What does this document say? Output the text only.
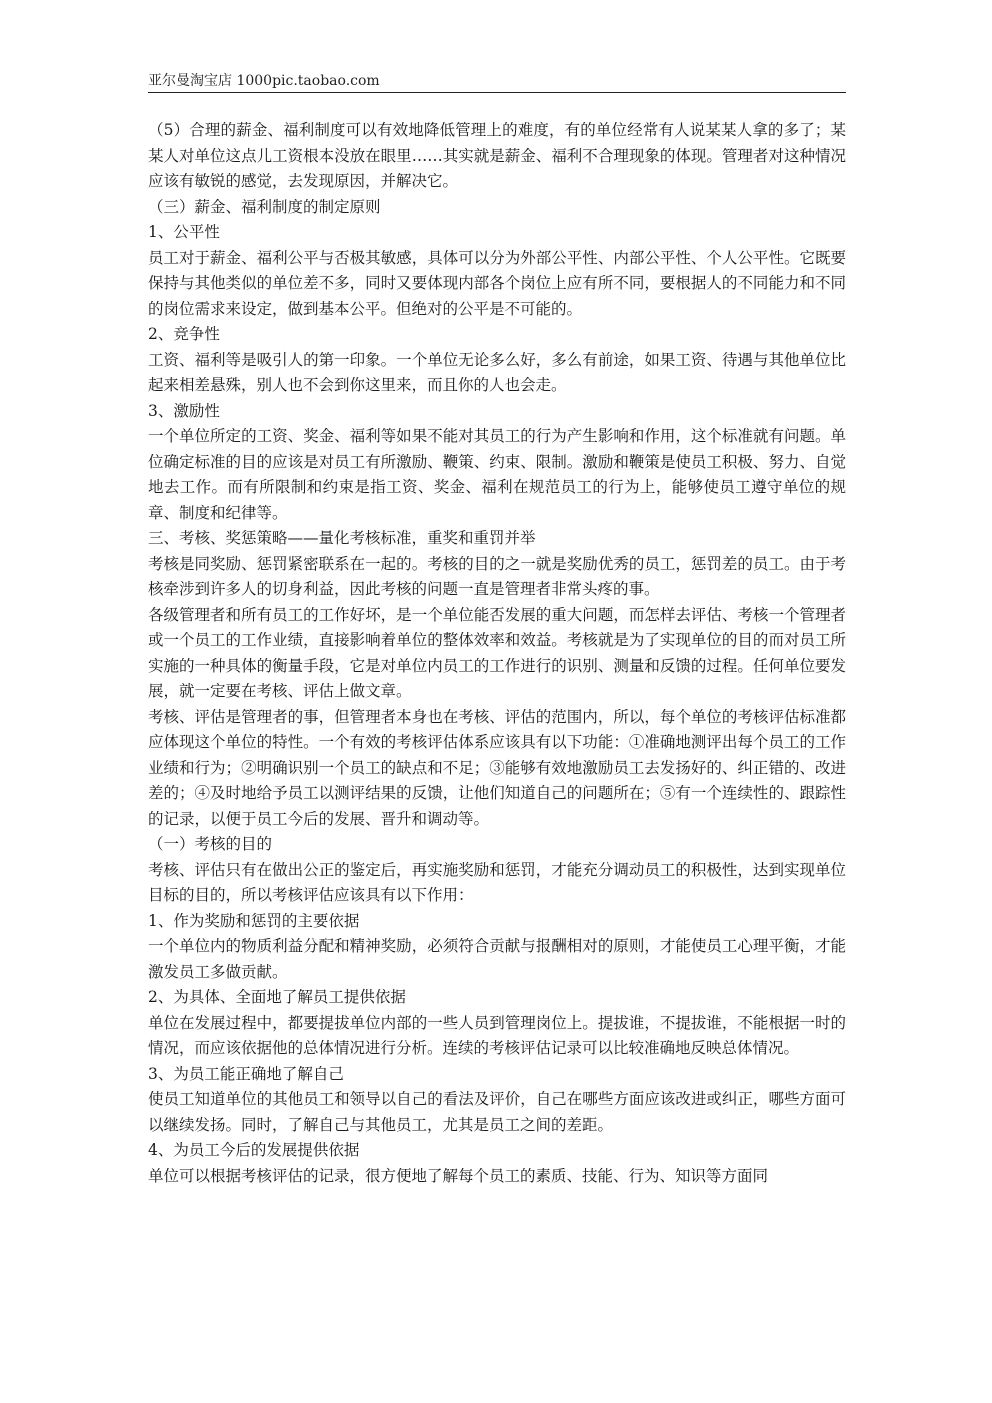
亚尔曼淘宝店 1000pic.taobao.com

（5）合理的薪金、福利制度可以有效地降低管理上的难度，有的单位经常有人说某某人拿的多了；某某人对单位这点儿工资根本没放在眼里……其实就是薪金、福利不合理现象的体现。管理者对这种情况应该有敏锐的感觉，去发现原因，并解决它。

（三）薪金、福利制度的制定原则

1、公平性

员工对于薪金、福利公平与否极其敏感，具体可以分为外部公平性、内部公平性、个人公平性。它既要保持与其他类似的单位差不多，同时又要体现内部各个岗位上应有所不同，要根据人的不同能力和不同的岗位需求来设定，做到基本公平。但绝对的公平是不可能的。

2、竞争性

工资、福利等是吸引人的第一印象。一个单位无论多么好，多么有前途，如果工资、待遇与其他单位比起来相差悬殊，别人也不会到你这里来，而且你的人也会走。

3、激励性

一个单位所定的工资、奖金、福利等如果不能对其员工的行为产生影响和作用，这个标准就有问题。单位确定标准的目的应该是对员工有所激励、鞭策、约束、限制。激励和鞭策是使员工积极、努力、自觉地去工作。而有所限制和约束是指工资、奖金、福利在规范员工的行为上，能够使员工遵守单位的规章、制度和纪律等。

三、考核、奖惩策略——量化考核标准，重奖和重罚并举

考核是同奖励、惩罚紧密联系在一起的。考核的目的之一就是奖励优秀的员工，惩罚差的员工。由于考核牵涉到许多人的切身利益，因此考核的问题一直是管理者非常头疼的事。

各级管理者和所有员工的工作好坏，是一个单位能否发展的重大问题，而怎样去评估、考核一个管理者或一个员工的工作业绩，直接影响着单位的整体效率和效益。考核就是为了实现单位的目的而对员工所实施的一种具体的衡量手段，它是对单位内员工的工作进行的识别、测量和反馈的过程。任何单位要发展，就一定要在考核、评估上做文章。

考核、评估是管理者的事，但管理者本身也在考核、评估的范围内，所以，每个单位的考核评估标准都应体现这个单位的特性。一个有效的考核评估体系应该具有以下功能：①准确地测评出每个员工的工作业绩和行为；②明确识别一个员工的缺点和不足；③能够有效地激励员工去发扬好的、纠正错的、改进差的；④及时地给予员工以测评结果的反馈，让他们知道自己的问题所在；⑤有一个连续性的、跟踪性的记录，以便于员工今后的发展、晋升和调动等。

（一）考核的目的

考核、评估只有在做出公正的鉴定后，再实施奖励和惩罚，才能充分调动员工的积极性，达到实现单位目标的目的，所以考核评估应该具有以下作用：

1、作为奖励和惩罚的主要依据

一个单位内的物质利益分配和精神奖励，必须符合贡献与报酬相对的原则，才能使员工心理平衡，才能激发员工多做贡献。

2、为具体、全面地了解员工提供依据

单位在发展过程中，都要提拔单位内部的一些人员到管理岗位上。提拔谁，不提拔谁，不能根据一时的情况，而应该依据他的总体情况进行分析。连续的考核评估记录可以比较准确地反映总体情况。

3、为员工能正确地了解自己

使员工知道单位的其他员工和领导以自己的看法及评价，自己在哪些方面应该改进或纠正，哪些方面可以继续发扬。同时，了解自己与其他员工，尤其是员工之间的差距。

4、为员工今后的发展提供依据

单位可以根据考核评估的记录，很方便地了解每个员工的素质、技能、行为、知识等方面同
